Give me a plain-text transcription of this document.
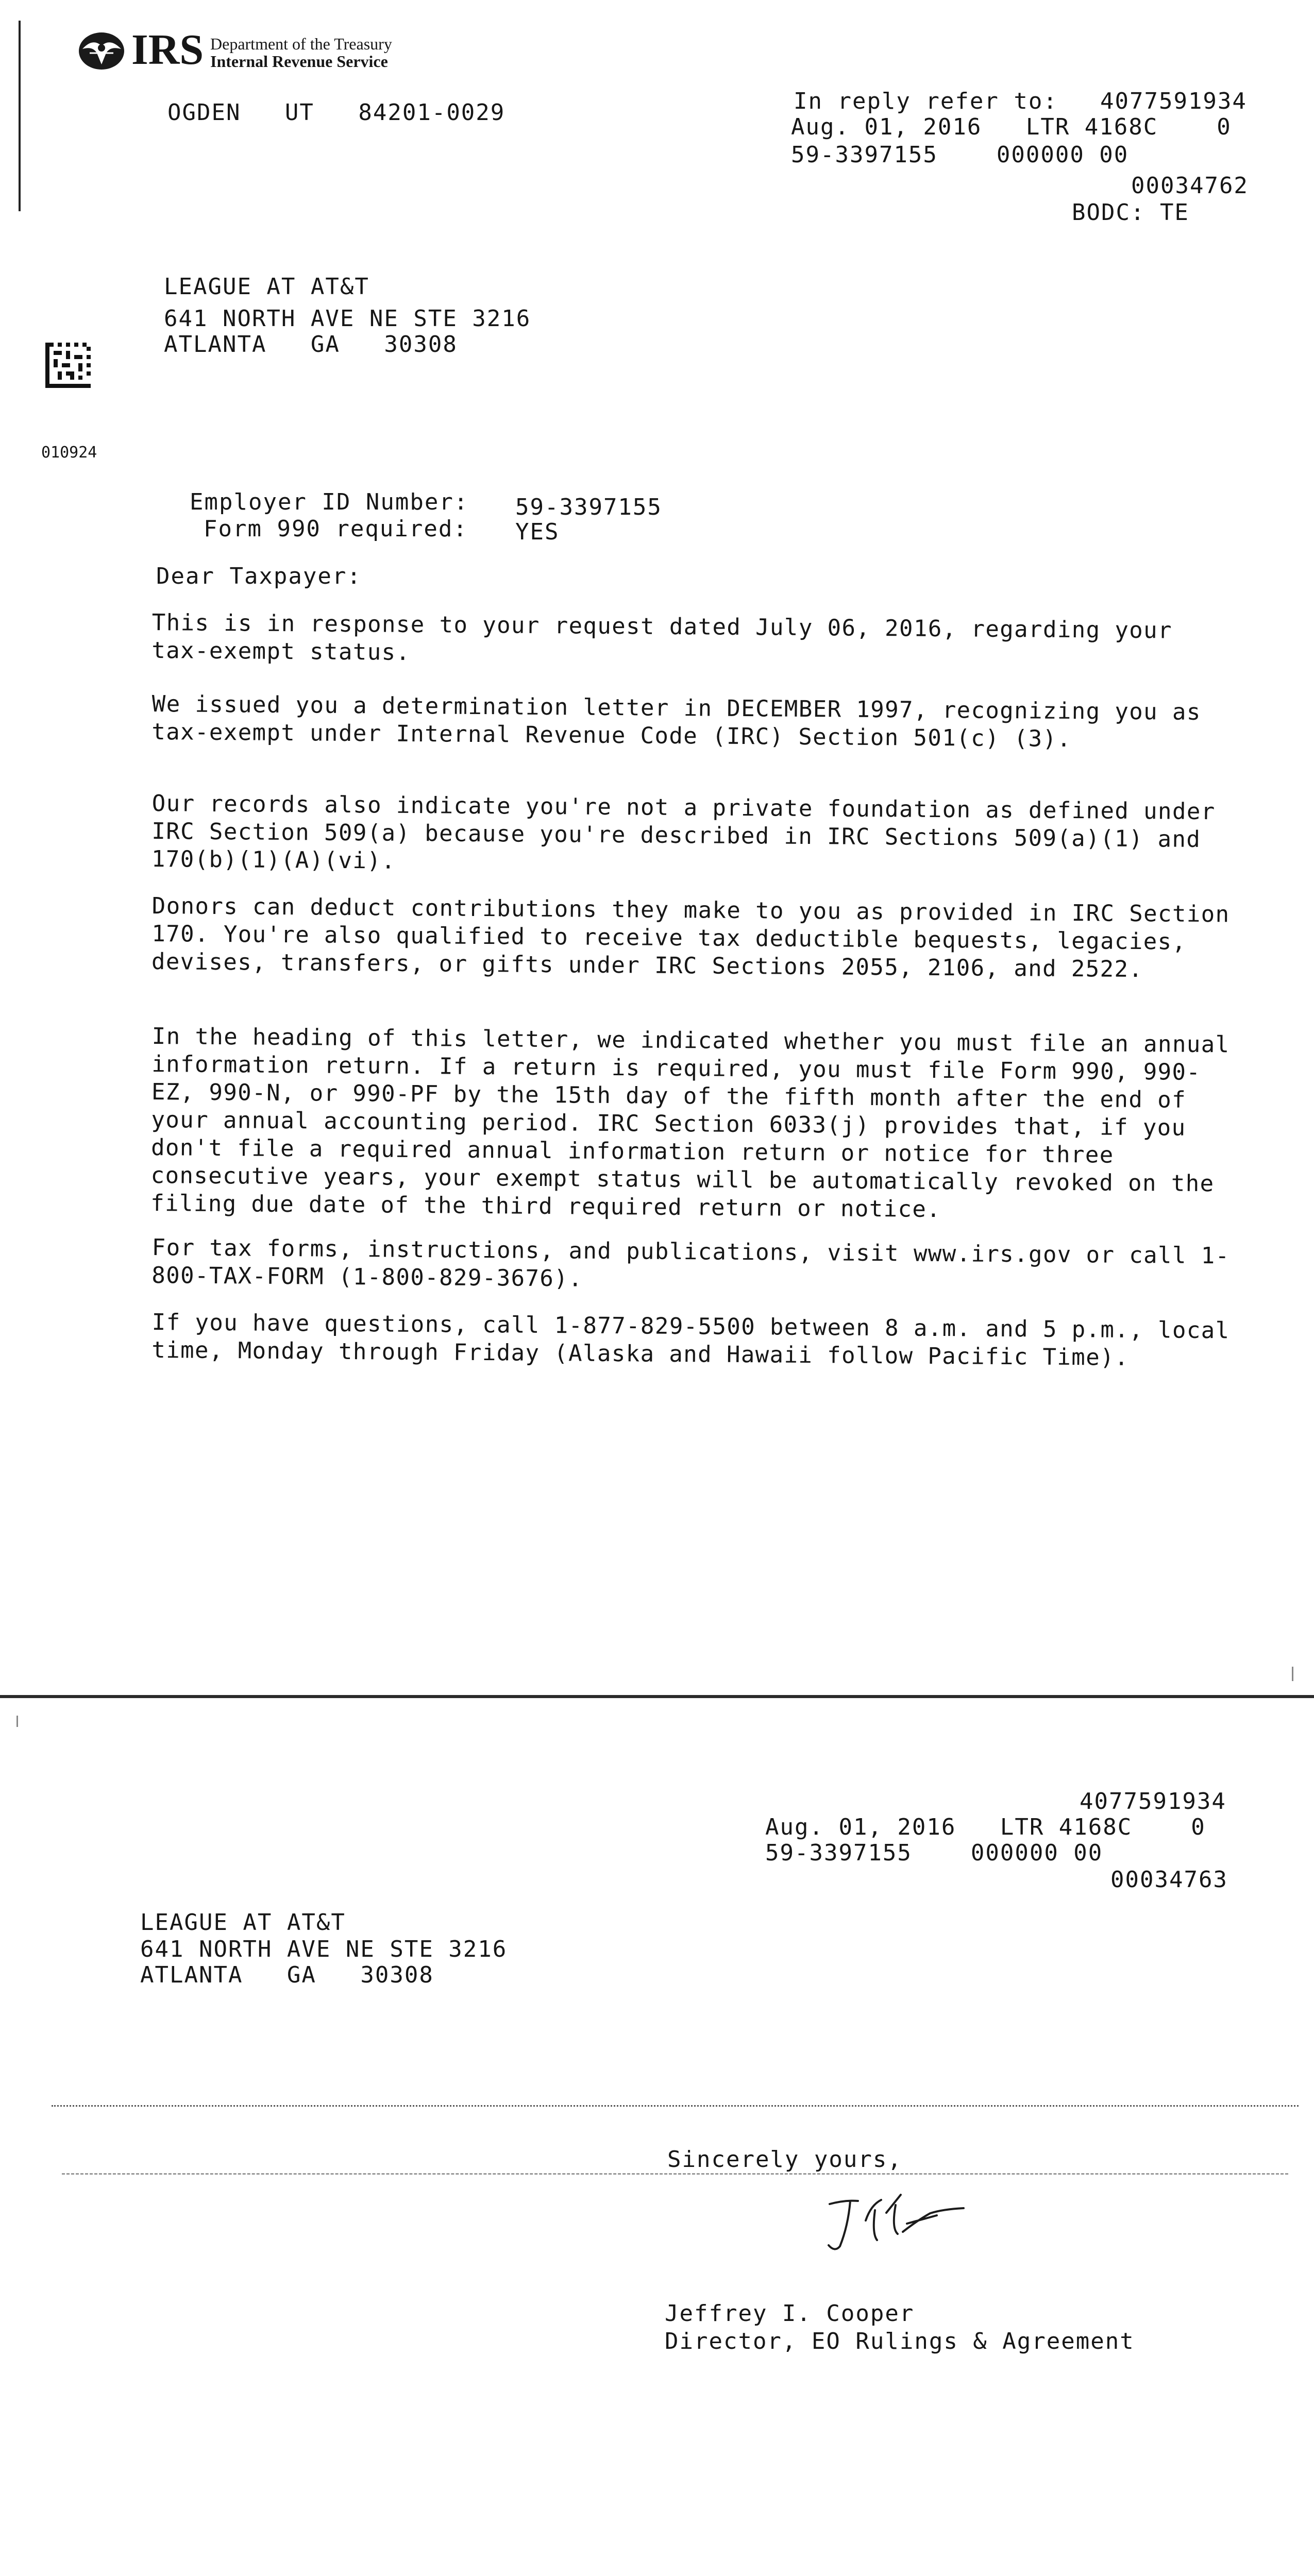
IRS Department of the Treasury
Internal Revenue Service
OGDEN   UT   84201-0029	In reply refer to: 4077591934
Aug. 01, 2016   LTR 4168C    0
59-3397155    000000 00
00034762
BODC: TE
LEAGUE AT AT&T
641 NORTH AVE NE STE 3216
ATLANTA   GA   30308
010924
Employer ID Number: 59-3397155
Form 990 required: YES
Dear Taxpayer:

This is in response to your request dated July 06, 2016, regarding your tax-exempt status.

We issued you a determination letter in DECEMBER 1997, recognizing you as tax-exempt under Internal Revenue Code (IRC) Section 501(c) (3).

Our records also indicate you're not a private foundation as defined under IRC Section 509(a) because you're described in IRC Sections 509(a)(1) and 170(b)(1)(A)(vi).

Donors can deduct contributions they make to you as provided in IRC Section 170. You're also qualified to receive tax deductible bequests, legacies, devises, transfers, or gifts under IRC Sections 2055, 2106, and 2522.

In the heading of this letter, we indicated whether you must file an annual information return. If a return is required, you must file Form 990, 990-EZ, 990-N, or 990-PF by the 15th day of the fifth month after the end of your annual accounting period. IRC Section 6033(j) provides that, if you don't file a required annual information return or notice for three consecutive years, your exempt status will be automatically revoked on the filing due date of the third required return or notice.

For tax forms, instructions, and publications, visit www.irs.gov or call 1-800-TAX-FORM (1-800-829-3676).

If you have questions, call 1-877-829-5500 between 8 a.m. and 5 p.m., local time, Monday through Friday (Alaska and Hawaii follow Pacific Time).

4077591934
Aug. 01, 2016   LTR 4168C    0
59-3397155    000000 00
00034763
LEAGUE AT AT&T
641 NORTH AVE NE STE 3216
ATLANTA   GA   30308
Sincerely yours,
Jeffrey I. Cooper
Director, EO Rulings & Agreement
